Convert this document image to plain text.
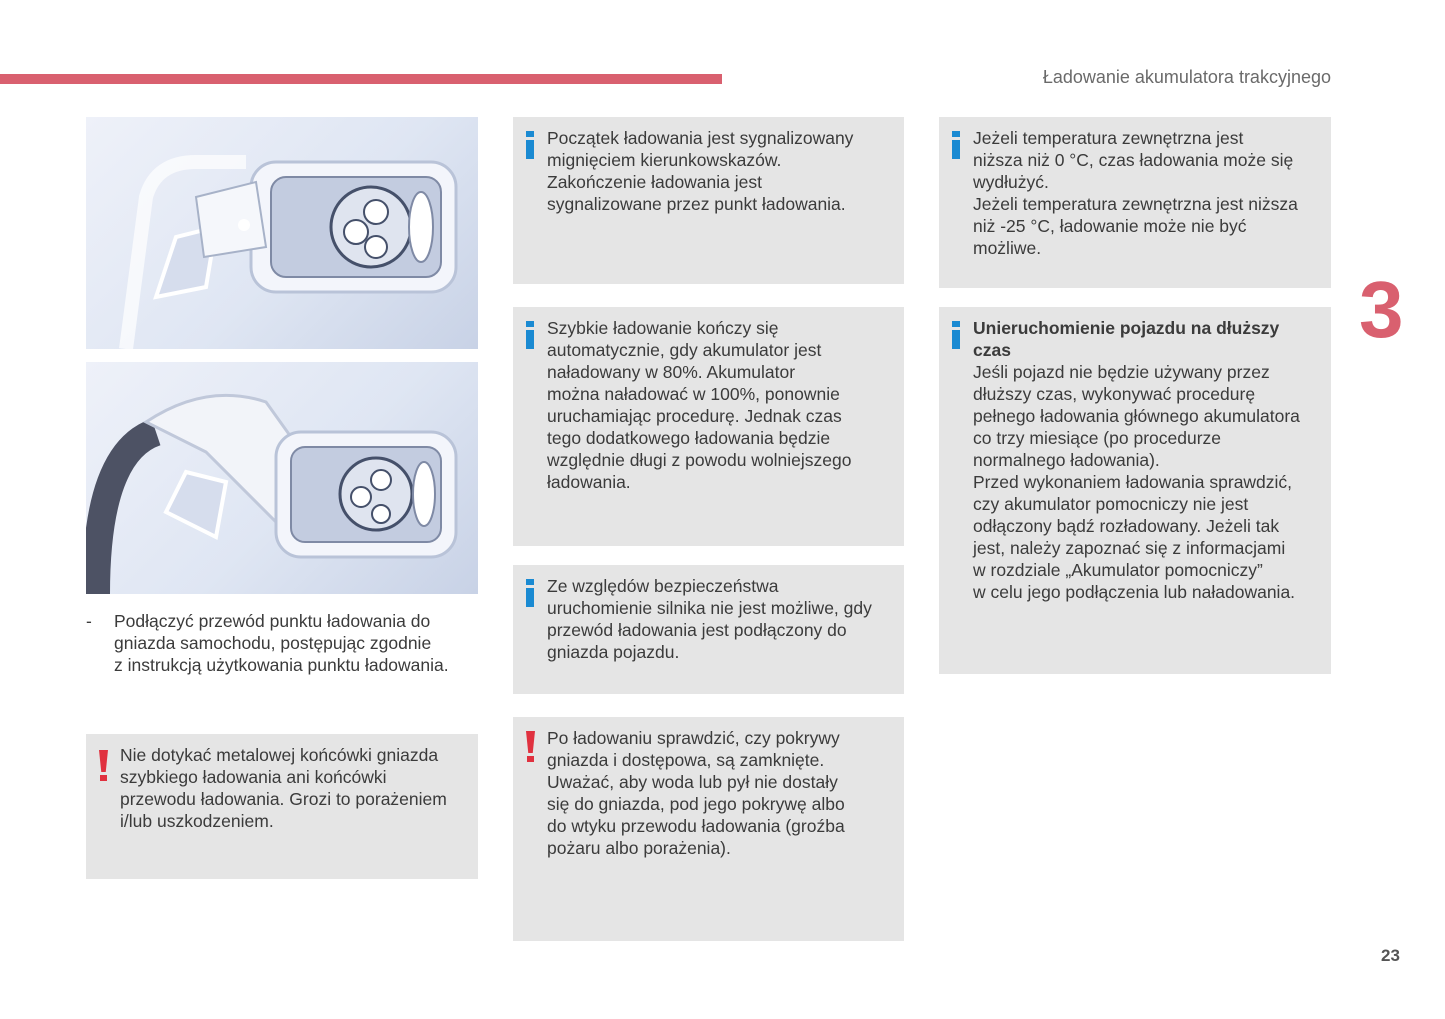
Ładowanie akumulatora trakcyjnego
3
23
- Podłączyć przewód punktu ładowania do
gniazda samochodu, postępując zgodnie
z instrukcją użytkowania punktu ładowania.
Nie dotykać metalowej końcówki gniazda
szybkiego ładowania ani końcówki
przewodu ładowania. Grozi to porażeniem
i/lub uszkodzeniem.
Początek ładowania jest sygnalizowany
mignięciem kierunkowskazów.
Zakończenie ładowania jest
sygnalizowane przez punkt ładowania.
Szybkie ładowanie kończy się
automatycznie, gdy akumulator jest
naładowany w 80%. Akumulator
można naładować w 100%, ponownie
uruchamiając procedurę. Jednak czas
tego dodatkowego ładowania będzie
względnie długi z powodu wolniejszego
ładowania.
Ze względów bezpieczeństwa
uruchomienie silnika nie jest możliwe, gdy
przewód ładowania jest podłączony do
gniazda pojazdu.
Po ładowaniu sprawdzić, czy pokrywy
gniazda i dostępowa, są zamknięte.
Uważać, aby woda lub pył nie dostały
się do gniazda, pod jego pokrywę albo
do wtyku przewodu ładowania (groźba
pożaru albo porażenia).
Jeżeli temperatura zewnętrzna jest
niższa niż 0 °C, czas ładowania może się
wydłużyć.
Jeżeli temperatura zewnętrzna jest niższa
niż -25 °C, ładowanie może nie być
możliwe.
Unieruchomienie pojazdu na dłuższy
czas
Jeśli pojazd nie będzie używany przez
dłuższy czas, wykonywać procedurę
pełnego ładowania głównego akumulatora
co trzy miesiące (po procedurze
normalnego ładowania).
Przed wykonaniem ładowania sprawdzić,
czy akumulator pomocniczy nie jest
odłączony bądź rozładowany. Jeżeli tak
jest, należy zapoznać się z informacjami
w rozdziale „Akumulator pomocniczy”
w celu jego podłączenia lub naładowania.
